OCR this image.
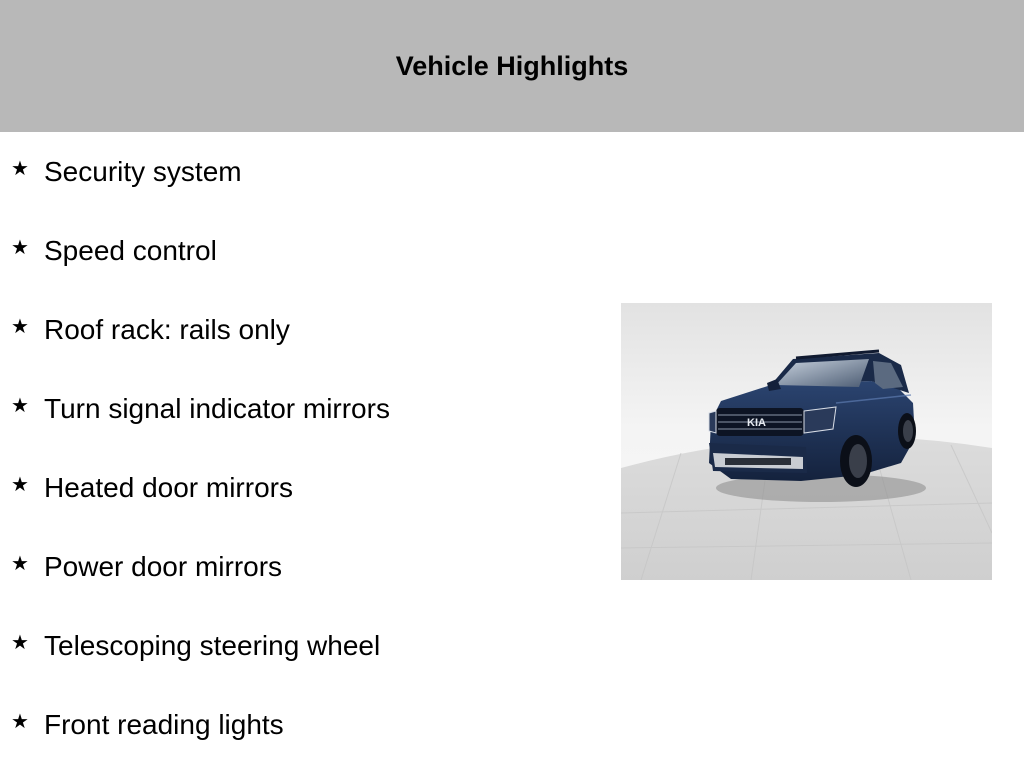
Vehicle Highlights
★ Security system
★ Speed control
★ Roof rack: rails only
★ Turn signal indicator mirrors
★ Heated door mirrors
★ Power door mirrors
★ Telescoping steering wheel
★ Front reading lights
KIA
